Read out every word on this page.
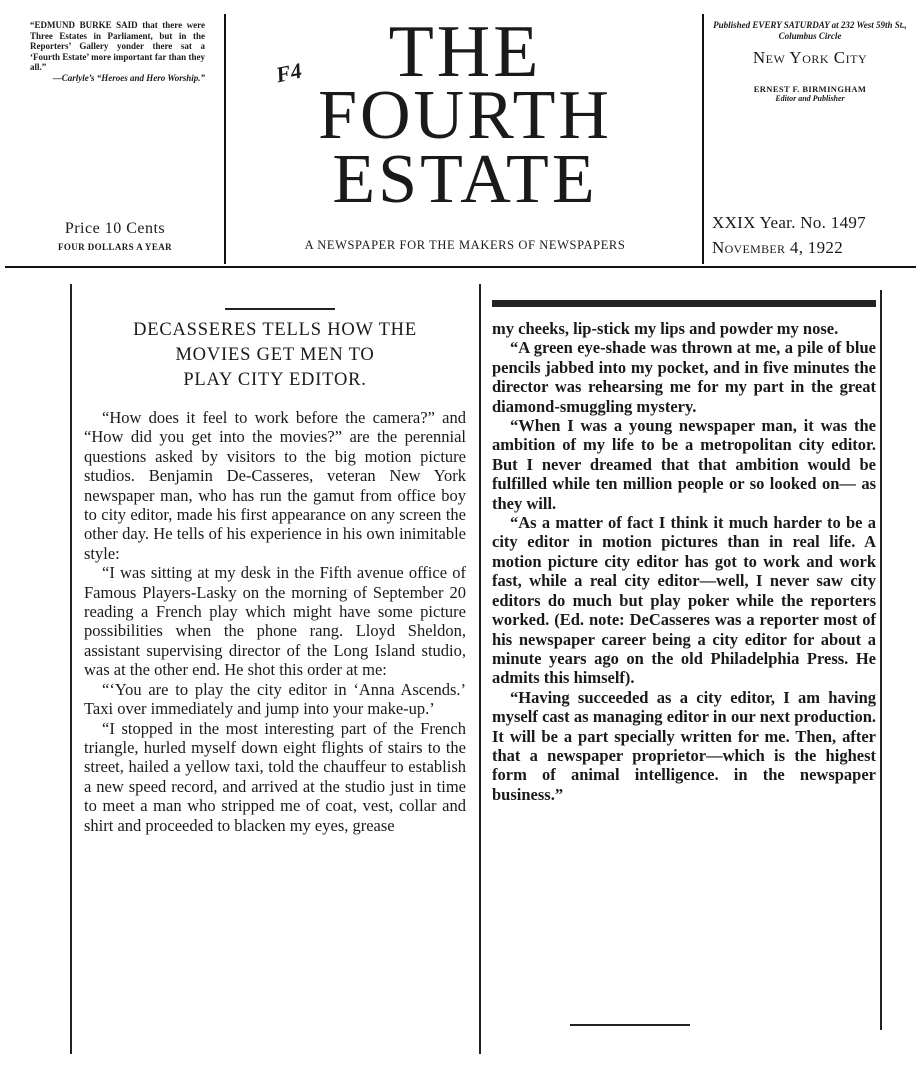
“EDMUND BURKE SAID that there were Three Estates in Parliament, but in the Reporters’ Gallery yonder there sat a ‘Fourth Estate’ more important far than they all.”
—Carlyle’s “Heroes and Hero Worship.”
Price 10 Cents
FOUR DOLLARS A YEAR
F4	THE
FOURTH
ESTATE
A NEWSPAPER FOR THE MAKERS OF NEWSPAPERS
Published EVERY SATURDAY at 232 West 59th St., Columbus Circle
New York City
ERNEST F. BIRMINGHAM
Editor and Publisher
XXIX Year. No. 1497
November 4, 1922
DECASSERES TELLS HOW THE
MOVIES GET MEN TO
PLAY CITY EDITOR.

“How does it feel to work before the camera?” and “How did you get into the movies?” are the perennial questions asked by visitors to the big motion picture studios. Benjamin De-Casseres, veteran New York newspaper man, who has run the gamut from office boy to city editor, made his first appearance on any screen the other day. He tells of his experience in his own inimitable style:

“I was sitting at my desk in the Fifth avenue office of Famous Players-Lasky on the morning of September 20 reading a French play which might have some picture possibilities when the phone rang. Lloyd Sheldon, assistant supervising director of the Long Island studio, was at the other end. He shot this order at me:

“‘You are to play the city editor in ‘Anna Ascends.’ Taxi over immediately and jump into your make-up.’

“I stopped in the most interesting part of the French triangle, hurled myself down eight flights of stairs to the street, hailed a yellow taxi, told the chauffeur to establish a new speed record, and arrived at the studio just in time to meet a man who stripped me of coat, vest, collar and shirt and proceeded to blacken my eyes, grease

my cheeks, lip-stick my lips and powder my nose.

“A green eye-shade was thrown at me, a pile of blue pencils jabbed into my pocket, and in five minutes the director was rehearsing me for my part in the great diamond-smuggling mystery.

“When I was a young newspaper man, it was the ambition of my life to be a metropolitan city editor. But I never dreamed that that ambition would be fulfilled while ten million people or so looked on— as they will.

“As a matter of fact I think it much harder to be a city editor in motion pictures than in real life. A motion picture city editor has got to work and work fast, while a real city editor—well, I never saw city editors do much but play poker while the reporters worked. (Ed. note: DeCasseres was a reporter most of his newspaper career being a city editor for about a minute years ago on the old Philadelphia Press. He admits this himself).

“Having succeeded as a city editor, I am having myself cast as managing editor in our next production. It will be a part specially written for me. Then, after that a newspaper proprietor—which is the highest form of animal intelligence. in the newspaper business.”
